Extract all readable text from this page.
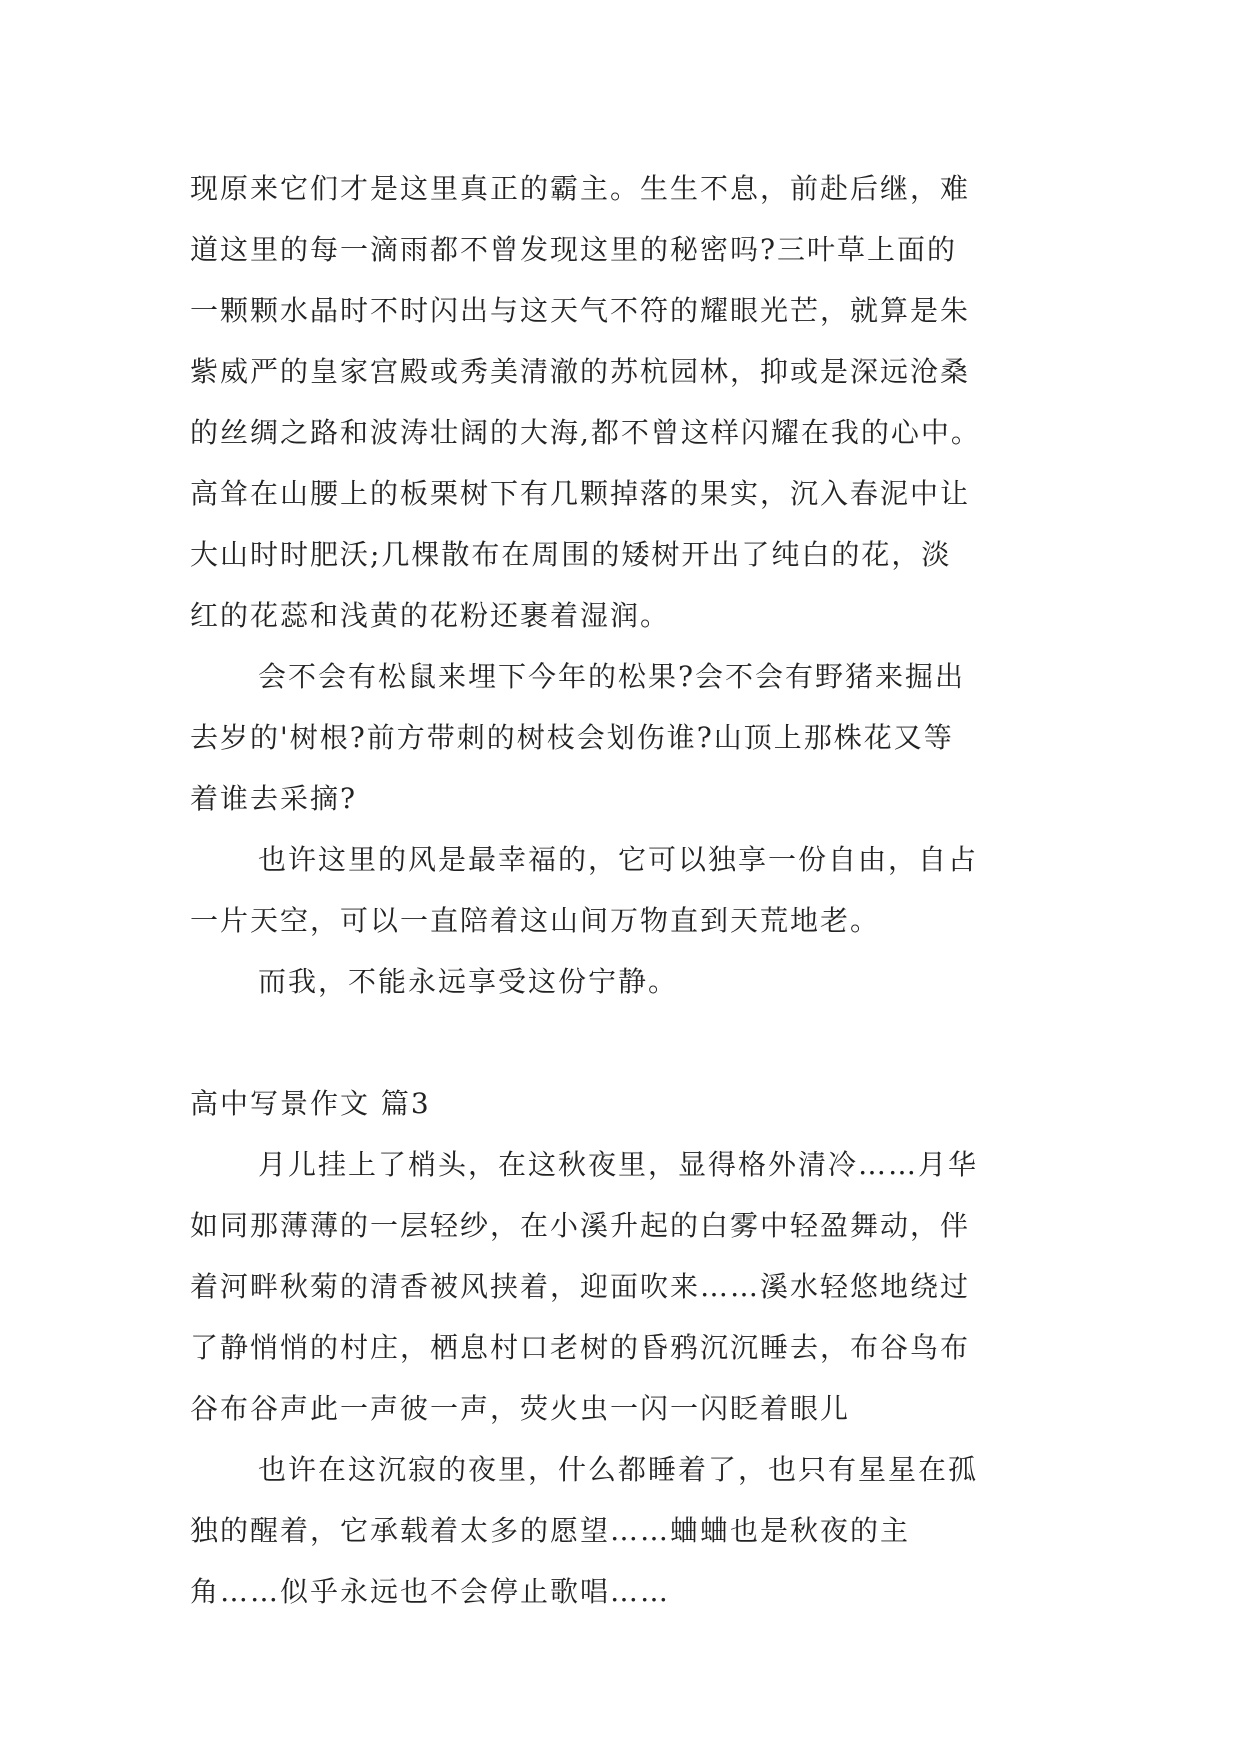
现原来它们才是这里真正的霸主。生生不息，前赴后继，难
道这里的每一滴雨都不曾发现这里的秘密吗?三叶草上面的
一颗颗水晶时不时闪出与这天气不符的耀眼光芒，就算是朱
紫威严的皇家宫殿或秀美清澈的苏杭园林，抑或是深远沧桑
的丝绸之路和波涛壮阔的大海,都不曾这样闪耀在我的心中。
高耸在山腰上的板栗树下有几颗掉落的果实，沉入春泥中让
大山时时肥沃;几棵散布在周围的矮树开出了纯白的花，淡
红的花蕊和浅黄的花粉还裹着湿润。
会不会有松鼠来埋下今年的松果?会不会有野猪来掘出
去岁的'树根?前方带刺的树枝会划伤谁?山顶上那株花又等
着谁去采摘?
也许这里的风是最幸福的，它可以独享一份自由，自占
一片天空，可以一直陪着这山间万物直到天荒地老。
而我，不能永远享受这份宁静。
高中写景作文 篇3
月儿挂上了梢头，在这秋夜里，显得格外清冷……月华
如同那薄薄的一层轻纱，在小溪升起的白雾中轻盈舞动，伴
着河畔秋菊的清香被风挟着，迎面吹来……溪水轻悠地绕过
了静悄悄的村庄，栖息村口老树的昏鸦沉沉睡去，布谷鸟布
谷布谷声此一声彼一声，荧火虫一闪一闪眨着眼儿
也许在这沉寂的夜里，什么都睡着了，也只有星星在孤
独的醒着，它承载着太多的愿望……蛐蛐也是秋夜的主
角……似乎永远也不会停止歌唱……
